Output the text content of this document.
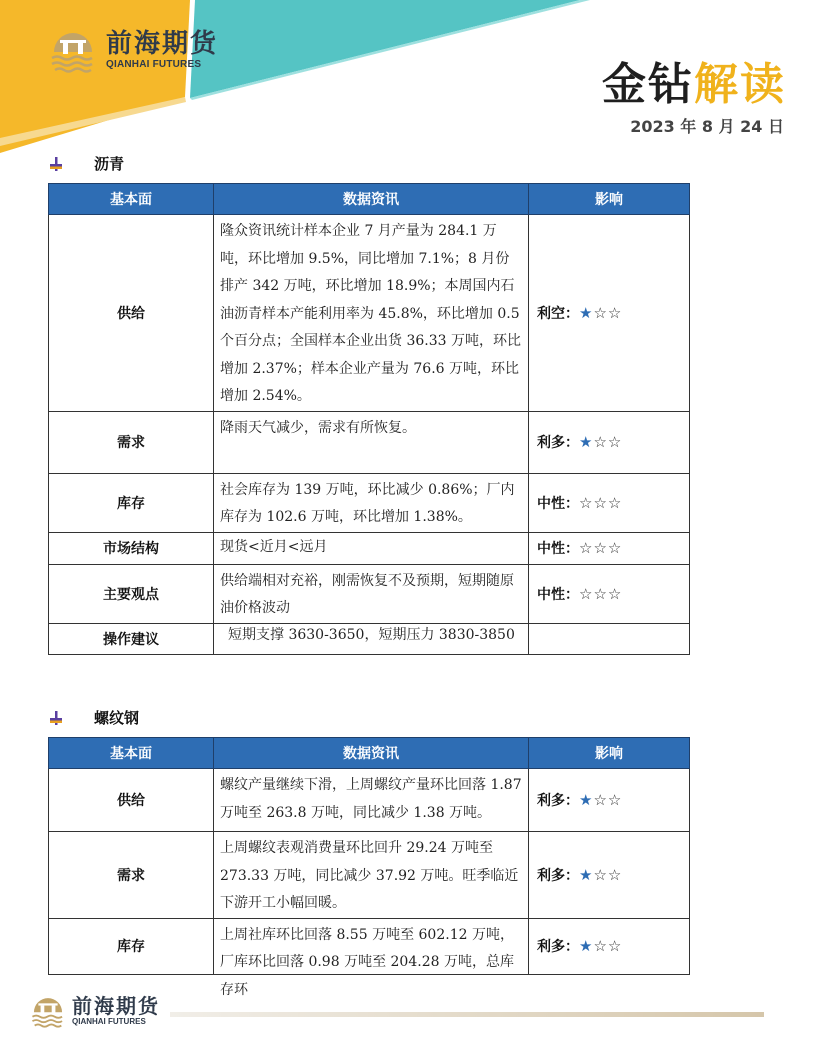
前海期货
QIANHAI FUTURES	金钻解读
2023 年 8 月 24 日
沥青
基本面	数据资讯	影响
供给	隆众资讯统计样本企业 7 月产量为 284.1 万吨，环比增加 9.5%，同比增加 7.1%；8 月份排产 342 万吨，环比增加 18.9%；本周国内石油沥青样本产能利用率为 45.8%，环比增加 0.5 个百分点；全国样本企业出货 36.33 万吨，环比增加 2.37%；样本企业产量为 76.6 万吨，环比增加 2.54%。	利空：★☆☆
需求	降雨天气减少，需求有所恢复。	利多：★☆☆
库存	社会库存为 139 万吨，环比减少 0.86%；厂内库存为 102.6 万吨，环比增加 1.38%。	中性：☆☆☆
市场结构	现货<近月<远月	中性：☆☆☆
主要观点	供给端相对充裕，刚需恢复不及预期，短期随原油价格波动	中性：☆☆☆
操作建议	短期支撑 3630-3650，短期压力 3830-3850	
螺纹钢
基本面	数据资讯	影响
供给	螺纹产量继续下滑，上周螺纹产量环比回落 1.87 万吨至 263.8 万吨，同比减少 1.38 万吨。	利多：★☆☆
需求	上周螺纹表观消费量环比回升 29.24 万吨至 273.33 万吨，同比减少 37.92 万吨。旺季临近下游开工小幅回暖。	利多：★☆☆
库存	上周社库环比回落 8.55 万吨至 602.12 万吨，厂库环比回落 0.98 万吨至 204.28 万吨，总库存环	利多：★☆☆
前海期货
QIANHAI FUTURES
